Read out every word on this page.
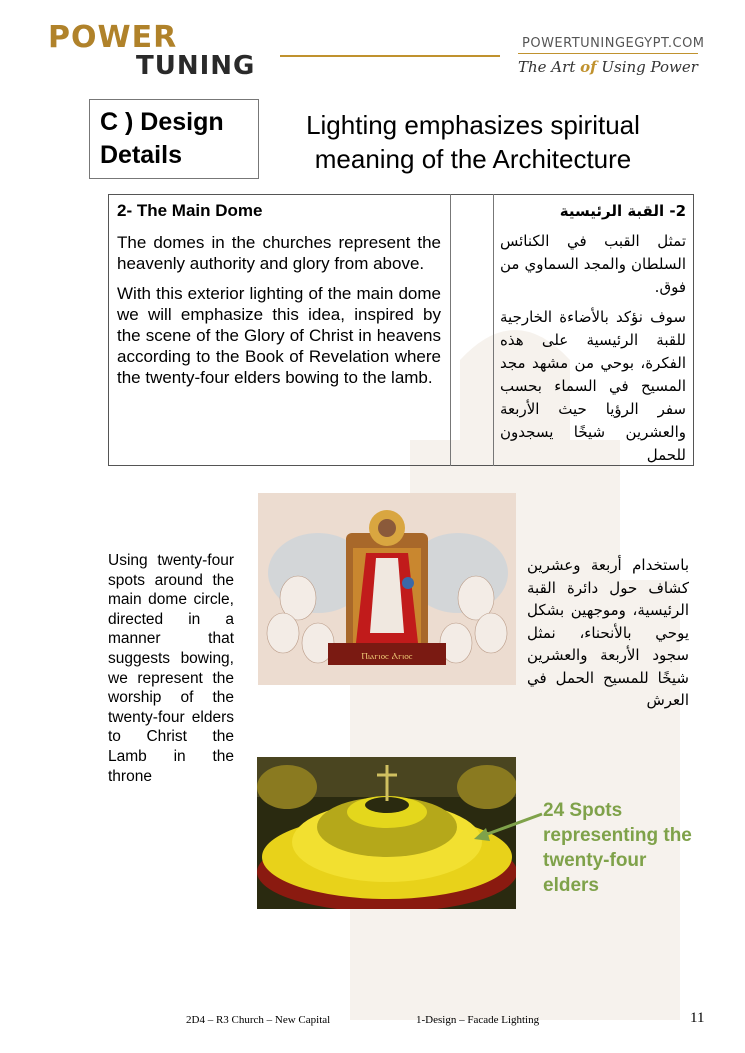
POWER
TUNING
POWERTUNINGEGYPT.COM
The Art of Using Power
C ) Design Details
Lighting emphasizes spiritual meaning of the Architecture

2- The Main Dome

The domes in the churches represent the heavenly authority and glory from above.

With this exterior lighting of the main dome we will emphasize this idea, inspired by the scene of the Glory of Christ in heavens according to the Book of Revelation where the twenty-four elders bowing to the lamb.

2- القبة الرئيسية

تمثل القبب في الكنائس السلطان والمجد السماوي من فوق.

سوف نؤكد بالأضاءة الخارجية للقبة الرئيسية على هذه الفكرة، بوحي من مشهد مجد المسيح في السماء بحسب سفر الرؤيا حيث الأربعة والعشرين شيخًا يسجدون للحمل

Ⲡⲓⲁⲅⲓⲟⲥ Ⲁⲅⲓⲟⲥ
Using twenty-four spots around the main dome circle, directed in a manner that suggests bowing, we represent the worship of the twenty-four elders to Christ the Lamb in the throne
باستخدام أربعة وعشرين كشاف حول دائرة القبة الرئيسية، وموجهين بشكل يوحي بالأنحناء، نمثل سجود الأربعة والعشرين شيخًا للمسيح الحمل في العرش
24 Spots representing the twenty-four elders
2D4 – R3 Church – New Capital	1-Design – Facade Lighting	11
